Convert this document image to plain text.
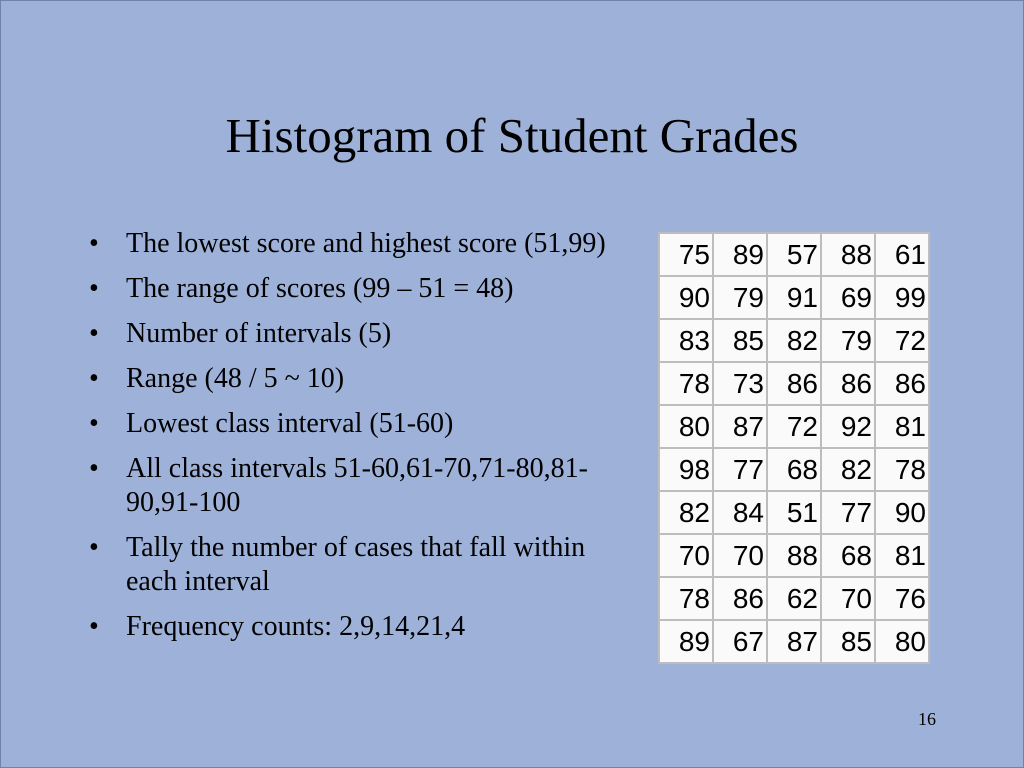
Histogram of Student Grades
• The lowest score and highest score (51,99)
• The range of scores (99 – 51 = 48)
• Number of intervals (5)
• Range (48 / 5 ~ 10)
• Lowest class interval (51-60)
• All class intervals 51-60,61-70,71-80,81-90,91-100
• Tally the number of cases that fall within each interval
• Frequency counts: 2,9,14,21,4
75	89	57	88	61
90	79	91	69	99
83	85	82	79	72
78	73	86	86	86
80	87	72	92	81
98	77	68	82	78
82	84	51	77	90
70	70	88	68	81
78	86	62	70	76
89	67	87	85	80
16
